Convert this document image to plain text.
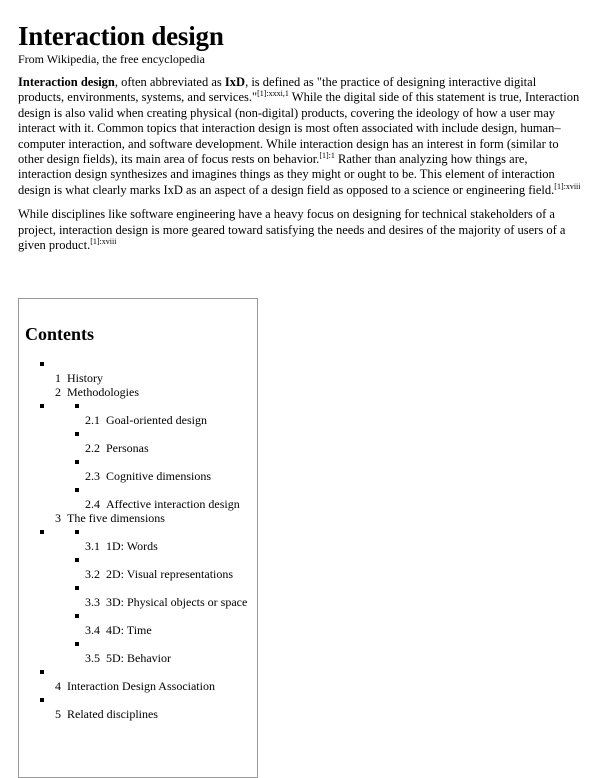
Interaction design
From Wikipedia, the free encyclopedia

Interaction design, often abbreviated as IxD, is defined as "the practice of designing interactive digital products, environments, systems, and services."$^{[1]:xxxi,1}$ While the digital side of this statement is true, Interaction design is also valid when creating physical (non-digital) products, covering the ideology of how a user may interact with it. Common topics that interaction design is most often associated with include design, human–computer interaction, and software development. While interaction design has an interest in form (similar to other design fields), its main area of focus rests on behavior.$^{[1]:1}$ Rather than analyzing how things are, interaction design synthesizes and imagines things as they might or ought to be. This element of interaction design is what clearly marks IxD as an aspect of a design field as opposed to a science or engineering field.$^{[1]:xviii}$

While disciplines like software engineering have a heavy focus on designing for technical stakeholders of a project, interaction design is more geared toward satisfying the needs and desires of the majority of users of a given product.$^{[1]:xviii}$

Contents
1 History
2 Methodologies
2.1 Goal-oriented design
2.2 Personas
2.3 Cognitive dimensions
2.4 Affective interaction design
3 The five dimensions
3.1 1D: Words
3.2 2D: Visual representations
3.3 3D: Physical objects or space
3.4 4D: Time
3.5 5D: Behavior
4 Interaction Design Association
5 Related disciplines
